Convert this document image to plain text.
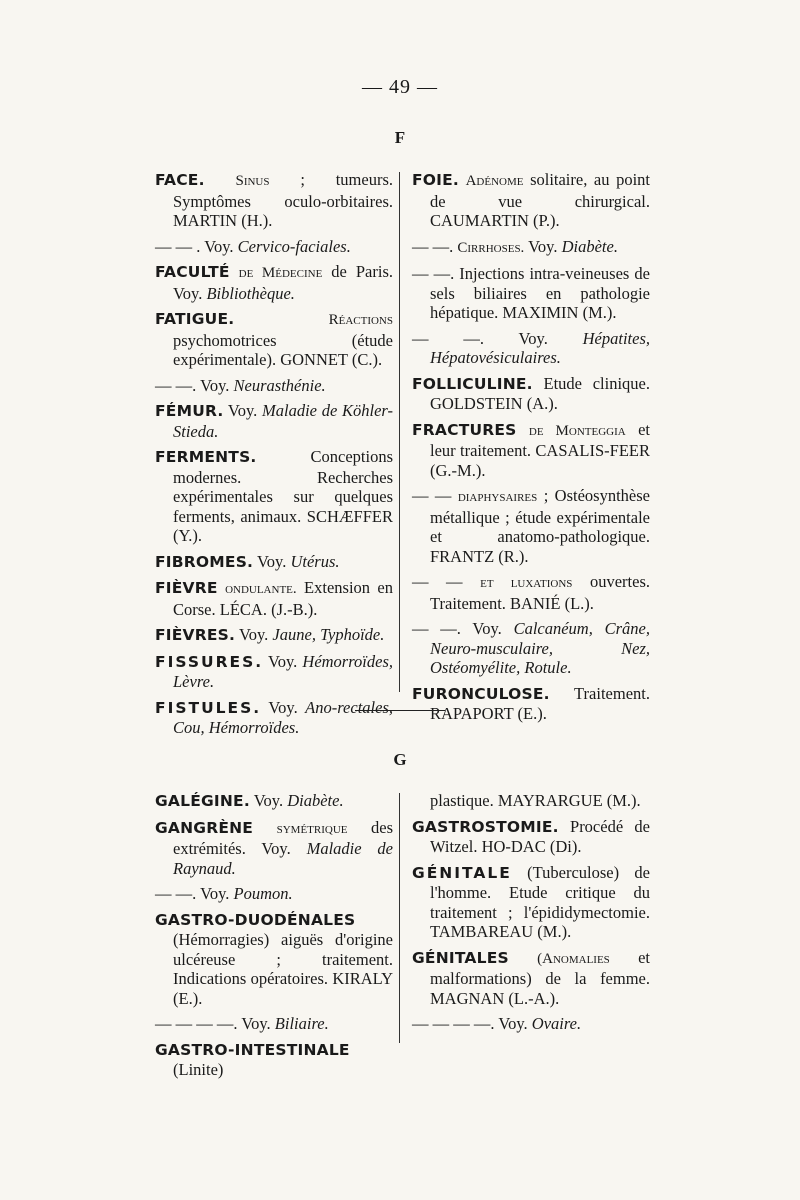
— 49 —
F
FACE. Sinus ; tumeurs. Symptômes oculo-orbitaires. MARTIN (H.).
— — . Voy. Cervico-faciales.
FACULTÉ de Médecine de Paris. Voy. Bibliothèque.
FATIGUE.	Réactions psychomotrices (étude expérimentale). GONNET (C.).
— —. Voy. Neurasthénie.
FÉMUR. Voy. Maladie de Köhler-Stieda.
FERMENTS. Conceptions modernes. Recherches expérimentales sur quelques ferments, animaux. SCHÆFFER (Y.).
FIBROMES. Voy. Utérus.
FIÈVRE ondulante. Extension en Corse. LÉCA. (J.-B.).
FIÈVRES. Voy. Jaune, Typhoïde.
FISSURES. Voy. Hémorroïdes, Lèvre.
FISTULES. Voy. Ano-rectales, Cou, Hémorroïdes.
FOIE. Adénome solitaire, au point de vue chirurgical. CAUMARTIN (P.).
— —. Cirrhoses. Voy. Diabète.
— —. Injections intra-veineuses de sels biliaires en pathologie hépatique. MAXIMIN (M.).
— —. Voy. Hépatites, Hépatovésiculaires.
FOLLICULINE. Etude clinique. GOLDSTEIN (A.).
FRACTURES de Monteggia et leur traitement. CASALIS-FEER (G.-M.).
— — diaphysaires ; Ostéosynthèse métallique ; étude expérimentale et anatomo-pathologique. FRANTZ (R.).
— — et luxations ouvertes. Traitement. BANIÉ (L.).
— —. Voy. Calcanéum, Crâne, Neuro-musculaire, Nez, Ostéomyélite, Rotule.
FURONCULOSE. Traitement. RAPAPORT (E.).
G
GALÉGINE. Voy. Diabète.
GANGRÈNE symétrique des extrémités. Voy. Maladie de Raynaud.
— —. Voy. Poumon.
GASTRO-DUODÉNALES (Hémorragies) aiguës d'origine ulcéreuse ; traitement. Indications opératoires. KIRALY (E.).
— — — —. Voy. Biliaire.
GASTRO-INTESTINALE (Linite)
plastique. MAYRARGUE (M.).
GASTROSTOMIE. Procédé de Witzel. HO-DAC (Di).
GÉNITALE (Tuberculose) de l'homme. Etude critique du traitement ; l'épididymectomie. TAMBAREAU (M.).
GÉNITALES (Anomalies et malformations) de la femme. MAGNAN (L.-A.).
— — — —. Voy. Ovaire.
